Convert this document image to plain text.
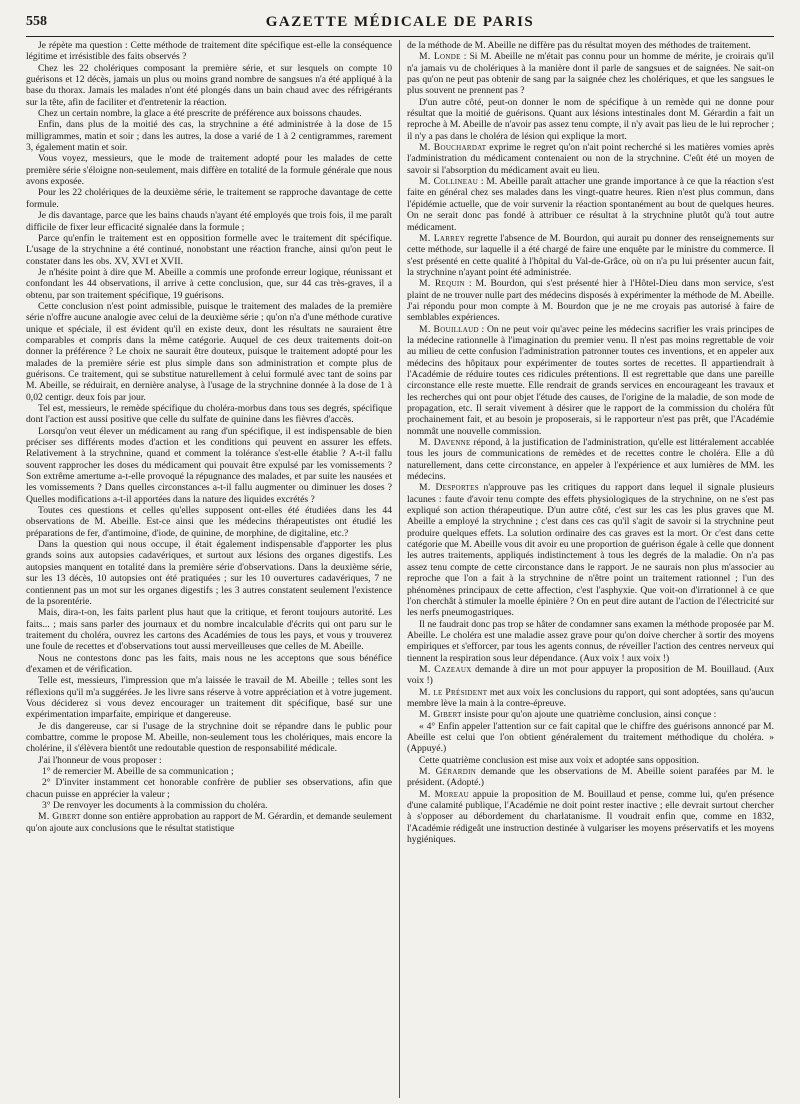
558	GAZETTE MÉDICALE DE PARIS

Je répète ma question : Cette méthode de traitement dite spécifique est-elle la conséquence légitime et irrésistible des faits observés ?

Chez les 22 cholériques composant la première série, et sur lesquels on compte 10 guérisons et 12 décès, jamais un plus ou moins grand nombre de sangsues n'a été appliqué à la base du thorax. Jamais les malades n'ont été plongés dans un bain chaud avec des réfrigérants sur la tête, afin de faciliter et d'entretenir la réaction.

Chez un certain nombre, la glace a été prescrite de préférence aux boissons chaudes.

Enfin, dans plus de la moitié des cas, la strychnine a été administrée à la dose de 15 milligrammes, matin et soir ; dans les autres, la dose a varié de 1 à 2 centigrammes, rarement 3, également matin et soir.

Vous voyez, messieurs, que le mode de traitement adopté pour les malades de cette première série s'éloigne non-seulement, mais diffère en totalité de la formule générale que nous avons exposée.

Pour les 22 cholériques de la deuxième série, le traitement se rapproche davantage de cette formule.

Je dis davantage, parce que les bains chauds n'ayant été employés que trois fois, il me paraît difficile de fixer leur efficacité signalée dans la formule ;

Parce qu'enfin le traitement est en opposition formelle avec le traitement dit spécifique. L'usage de la strychnine a été continué, nonobstant une réaction franche, ainsi qu'on peut le constater dans les obs. XV, XVI et XVII.

Je n'hésite point à dire que M. Abeille a commis une profonde erreur logique, réunissant et confondant les 44 observations, il arrive à cette conclusion, que, sur 44 cas très-graves, il a obtenu, par son traitement spécifique, 19 guérisons.

Cette conclusion n'est point admissible, puisque le traitement des malades de la première série n'offre aucune analogie avec celui de la deuxième série ; qu'on n'a d'une méthode curative unique et spéciale, il est évident qu'il en existe deux, dont les résultats ne sauraient être comparables et compris dans la même catégorie. Auquel de ces deux traitements doit-on donner la préférence ? Le choix ne saurait être douteux, puisque le traitement adopté pour les malades de la première série est plus simple dans son administration et compte plus de guérisons. Ce traitement, qui se substitue naturellement à celui formulé avec tant de soins par M. Abeille, se réduirait, en dernière analyse, à l'usage de la strychnine donnée à la dose de 1 à 0,02 centigr. deux fois par jour.

Tel est, messieurs, le remède spécifique du choléra-morbus dans tous ses degrés, spécifique dont l'action est aussi positive que celle du sulfate de quinine dans les fièvres d'accès.

Lorsqu'on veut élever un médicament au rang d'un spécifique, il est indispensable de bien préciser ses différents modes d'action et les conditions qui peuvent en assurer les effets. Relativement à la strychnine, quand et comment la tolérance s'est-elle établie ? A-t-il fallu souvent rapprocher les doses du médicament qui pouvait être expulsé par les vomissements ? Son extrême amertume a-t-elle provoqué la répugnance des malades, et par suite les nausées et les vomissements ? Dans quelles circonstances a-t-il fallu augmenter ou diminuer les doses ? Quelles modifications a-t-il apportées dans la nature des liquides excrétés ?

Toutes ces questions et celles qu'elles supposent ont-elles été étudiées dans les 44 observations de M. Abeille. Est-ce ainsi que les médecins thérapeutistes ont étudié les préparations de fer, d'antimoine, d'iode, de quinine, de morphine, de digitaline, etc.?

Dans la question qui nous occupe, il était également indispensable d'apporter les plus grands soins aux autopsies cadavériques, et surtout aux lésions des organes digestifs. Les autopsies manquent en totalité dans la première série d'observations. Dans la deuxième série, sur les 13 décès, 10 autopsies ont été pratiquées ; sur les 10 ouvertures cadavériques, 7 ne contiennent pas un mot sur les organes digestifs ; les 3 autres constatent seulement l'existence de la psorentérie.

Mais, dira-t-on, les faits parlent plus haut que la critique, et feront toujours autorité. Les faits... ; mais sans parler des journaux et du nombre incalculable d'écrits qui ont paru sur le traitement du choléra, ouvrez les cartons des Académies de tous les pays, et vous y trouverez une foule de recettes et d'observations tout aussi merveilleuses que celles de M. Abeille.

Nous ne contestons donc pas les faits, mais nous ne les acceptons que sous bénéfice d'examen et de vérification.

Telle est, messieurs, l'impression que m'a laissée le travail de M. Abeille ; telles sont les réflexions qu'il m'a suggérées. Je les livre sans réserve à votre appréciation et à votre jugement. Vous déciderez si vous devez encourager un traitement dit spécifique, basé sur une expérimentation imparfaite, empirique et dangereuse.

Je dis dangereuse, car si l'usage de la strychnine doit se répandre dans le public pour combattre, comme le propose M. Abeille, non-seulement tous les cholériques, mais encore la cholérine, il s'élèvera bientôt une redoutable question de responsabilité médicale.

J'ai l'honneur de vous proposer :

1° de remercier M. Abeille de sa communication ;

2° D'inviter instamment cet honorable confrère de publier ses observations, afin que chacun puisse en apprécier la valeur ;

3° De renvoyer les documents à la commission du choléra.

M. Gibert donne son entière approbation au rapport de M. Gérardin, et demande seulement qu'on ajoute aux conclusions que le résultat statistique

de la méthode de M. Abeille ne diffère pas du résultat moyen des méthodes de traitement.

M. Londe : Si M. Abeille ne m'était pas connu pour un homme de mérite, je croirais qu'il n'a jamais vu de cholériques à la manière dont il parle de sangsues et de saignées. Ne sait-on pas qu'on ne peut pas obtenir de sang par la saignée chez les cholériques, et que les sangsues le plus souvent ne prennent pas ?

D'un autre côté, peut-on donner le nom de spécifique à un remède qui ne donne pour résultat que la moitié de guérisons. Quant aux lésions intestinales dont M. Gérardin a fait un reproche à M. Abeille de n'avoir pas assez tenu compte, il n'y avait pas lieu de le lui reprocher ; il n'y a pas dans le choléra de lésion qui explique la mort.

M. Bouchardat exprime le regret qu'on n'ait point recherché si les matières vomies après l'administration du médicament contenaient ou non de la strychnine. C'eût été un moyen de savoir si l'absorption du médicament avait eu lieu.

M. Collineau : M. Abeille paraît attacher une grande importance à ce que la réaction s'est faite en général chez ses malades dans les vingt-quatre heures. Rien n'est plus commun, dans l'épidémie actuelle, que de voir survenir la réaction spontanément au bout de quelques heures. On ne serait donc pas fondé à attribuer ce résultat à la strychnine plutôt qu'à tout autre médicament.

M. Larrey regrette l'absence de M. Bourdon, qui aurait pu donner des renseignements sur cette méthode, sur laquelle il a été chargé de faire une enquête par le ministre du commerce. Il s'est présenté en cette qualité à l'hôpital du Val-de-Grâce, où on n'a pu lui présenter aucun fait, la strychnine n'ayant point été administrée.

M. Requin : M. Bourdon, qui s'est présenté hier à l'Hôtel-Dieu dans mon service, s'est plaint de ne trouver nulle part des médecins disposés à expérimenter la méthode de M. Abeille. J'ai répondu pour mon compte à M. Bourdon que je ne me croyais pas autorisé à faire de semblables expériences.

M. Bouillaud : On ne peut voir qu'avec peine les médecins sacrifier les vrais principes de la médecine rationnelle à l'imagination du premier venu. Il n'est pas moins regrettable de voir au milieu de cette confusion l'administration patronner toutes ces inventions, et en appeler aux médecins des hôpitaux pour expérimenter de toutes sortes de recettes. Il appartiendrait à l'Académie de réduire toutes ces ridicules prétentions. Il est regrettable que dans une pareille circonstance elle reste muette. Elle rendrait de grands services en encourageant les travaux et les recherches qui ont pour objet l'étude des causes, de l'origine de la maladie, de son mode de propagation, etc. Il serait vivement à désirer que le rapport de la commission du choléra fût prochainement fait, et au besoin je proposerais, si le rapporteur n'est pas prêt, que l'Académie nommât une nouvelle commission.

M. Davenne répond, à la justification de l'administration, qu'elle est littéralement accablée tous les jours de communications de remèdes et de recettes contre le choléra. Elle a dû naturellement, dans cette circonstance, en appeler à l'expérience et aux lumières de MM. les médecins.

M. Desportes n'approuve pas les critiques du rapport dans lequel il signale plusieurs lacunes : faute d'avoir tenu compte des effets physiologiques de la strychnine, on ne s'est pas expliqué son action thérapeutique. D'un autre côté, c'est sur les cas les plus graves que M. Abeille a employé la strychnine ; c'est dans ces cas qu'il s'agit de savoir si la strychnine peut produire quelques effets. La solution ordinaire des cas graves est la mort. Or c'est dans cette catégorie que M. Abeille vous dit avoir eu une proportion de guérison égale à celle que donnent les autres traitements, appliqués indistinctement à tous les degrés de la maladie. On n'a pas assez tenu compte de cette circonstance dans le rapport. Je ne saurais non plus m'associer au reproche que l'on a fait à la strychnine de n'être point un traitement rationnel ; l'un des phénomènes principaux de cette affection, c'est l'asphyxie. Que voit-on d'irrationnel à ce que l'on cherchât à stimuler la moelle épinière ? On en peut dire autant de l'action de l'électricité sur les nerfs pneumogastriques.

Il ne faudrait donc pas trop se hâter de condamner sans examen la méthode proposée par M. Abeille. Le choléra est une maladie assez grave pour qu'on doive chercher à sortir des moyens empiriques et s'efforcer, par tous les agents connus, de réveiller l'action des centres nerveux qui tiennent la respiration sous leur dépendance. (Aux voix ! aux voix !)

M. Cazeaux demande à dire un mot pour appuyer la proposition de M. Bouillaud. (Aux voix !)

M. le Président met aux voix les conclusions du rapport, qui sont adoptées, sans qu'aucun membre lève la main à la contre-épreuve.

M. Gibert insiste pour qu'on ajoute une quatrième conclusion, ainsi conçue :

« 4° Enfin appeler l'attention sur ce fait capital que le chiffre des guérisons annoncé par M. Abeille est celui que l'on obtient généralement du traitement méthodique du choléra. » (Appuyé.)

Cette quatrième conclusion est mise aux voix et adoptée sans opposition.

M. Gérardin demande que les observations de M. Abeille soient parafées par M. le président. (Adopté.)

M. Moreau appuie la proposition de M. Bouillaud et pense, comme lui, qu'en présence d'une calamité publique, l'Académie ne doit point rester inactive ; elle devrait surtout chercher à s'opposer au débordement du charlatanisme. Il voudrait enfin que, comme en 1832, l'Académie rédigeât une instruction destinée à vulgariser les moyens préservatifs et les moyens hygiéniques.
